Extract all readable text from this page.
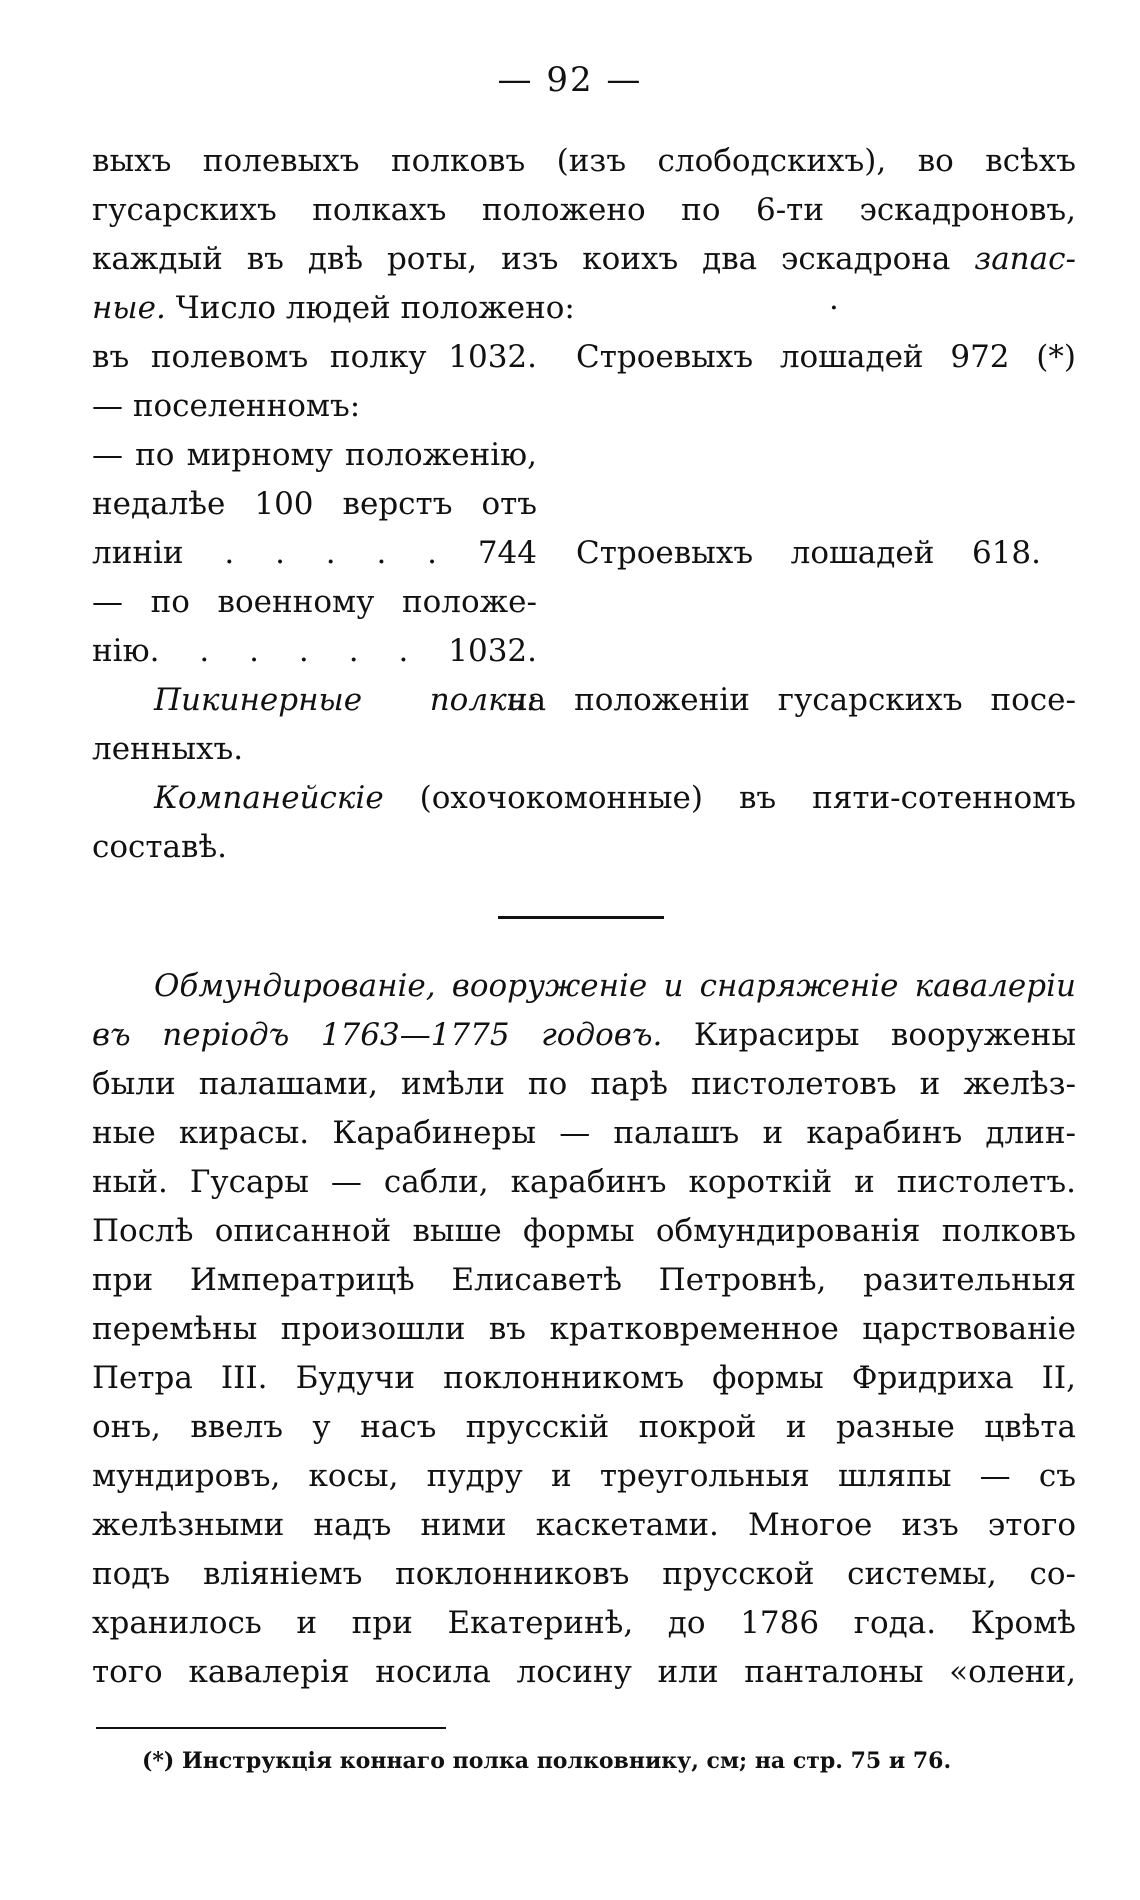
— 92 —
выхъ полевыхъ полковъ (изъ слободскихъ), во всѣхъ
гусарскихъ полкахъ положено по 6-ти эскадроновъ,
каждый въ двѣ роты, изъ коихъ два эскадрона запас-
ные. Число людей положено:	·
въ полевомъ полку 1032. Строевыхъ лошадей 972 (*)
— поселенномъ:
— по мирному положенію,
недалѣе 100 верстъ отъ
линіи . . . . . 744 Строевыхъ лошадей 618.
— по военному положе-
нію. . . . . . 1032.
Пикинерные полки:
на положеніи гусарскихъ посе-
ленныхъ.
Компанейскіе (охочокомонные) въ пяти-сотенномъ
составѣ.
Обмундированіе, вооруженіе и снаряженіе кавалеріи
въ періодъ 1763—1775 годовъ. Кирасиры вооружены
были палашами, имѣли по парѣ пистолетовъ и желѣз-
ные кирасы. Карабинеры — палашъ и карабинъ длин-
ный. Гусары — сабли, карабинъ короткій и пистолетъ.
Послѣ описанной выше формы обмундированія полковъ
при Императрицѣ Елисаветѣ Петровнѣ, разительныя
перемѣны произошли въ кратковременное царствованіе
Петра III. Будучи поклонникомъ формы Фридриха II,
онъ, ввелъ у насъ прусскій покрой и разные цвѣта
мундировъ, косы, пудру и треугольныя шляпы — съ
желѣзными надъ ними каскетами. Многое изъ этого
подъ вліяніемъ поклонниковъ прусской системы, со-
хранилось и при Екатеринѣ, до 1786 года. Кромѣ
того кавалерія носила лосину или панталоны «олени,
(*) Инструкція коннаго полка полковнику, см; на стр. 75 и 76.
